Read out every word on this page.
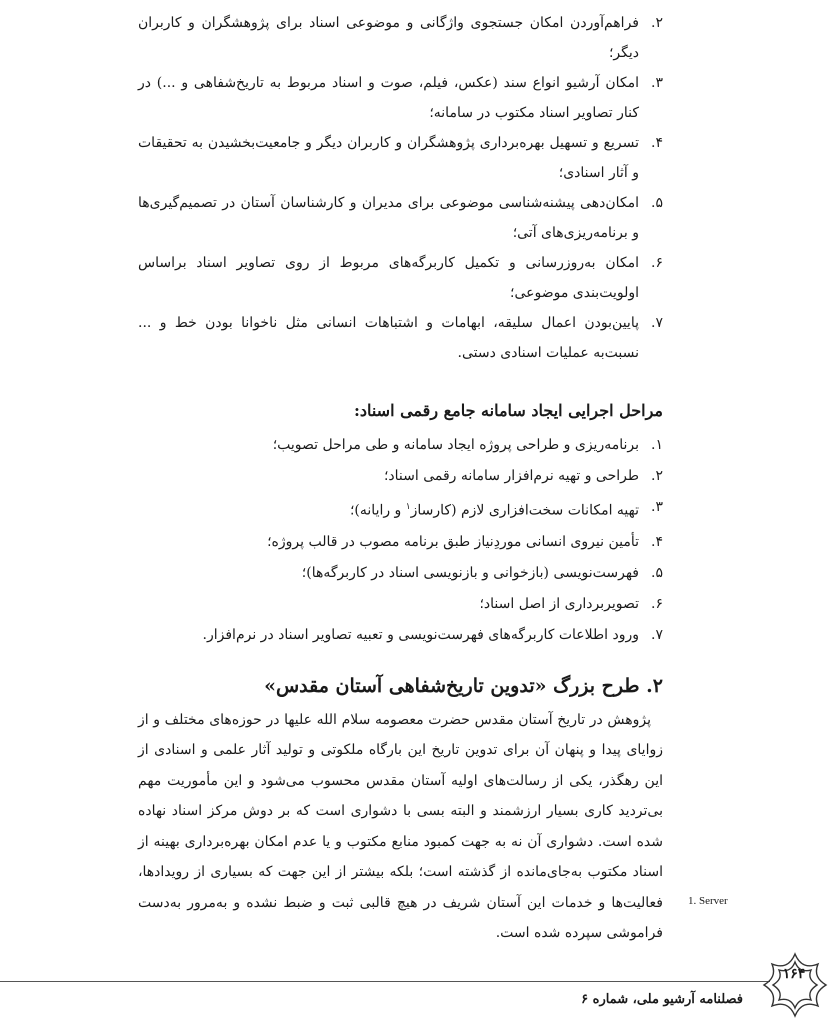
۲.
فراهم‌آوردن امکان جستجوی واژگانی و موضوعی اسناد برای پژوهشگران و کاربران دیگر؛
۳.
امکان آرشیو انواع سند (عکس، فیلم، صوت و اسناد مربوط به تاریخ‌شفاهی و ...) در کنار تصاویر اسناد مکتوب در سامانه؛
۴.
تسریع و تسهیل بهره‌برداری پژوهشگران و کاربران دیگر و جامعیت‌بخشیدن به تحقیقات و آثار اسنادی؛
۵.
امکان‌دهی پیشنه‌شناسی موضوعی برای مدیران و کارشناسان آستان در تصمیم‌گیری‌ها و برنامه‌ریزی‌های آتی؛
۶.
امکان به‌روزرسانی و تکمیل کاربرگه‌های مربوط از روی تصاویر اسناد براساس اولویت‌بندی موضوعی؛
۷.
پایین‌بودن اعمال سلیقه، ابهامات و اشتباهات انسانی مثل ناخوانا بودن خط و ... نسبت‌به عملیات اسنادی دستی.
مراحل اجرایی ایجاد سامانه جامع رقمی اسناد:
۱.
برنامه‌ریزی و طراحی پروژه ایجاد سامانه و طی مراحل تصویب؛
۲.
طراحی و تهیه نرم‌افزار سامانه رقمی اسناد؛
۳.
تهیه امکانات سخت‌افزاری لازم (کارساز$^۱$ و رایانه)؛
۴.
تأمین نیروی انسانی موردِنیاز طبق برنامه مصوب در قالب پروژه؛
۵.
فهرست‌نویسی (بازخوانی و بازنویسی اسناد در کاربرگه‌ها)؛
۶.
تصویربرداری از اصل اسناد؛
۷.
ورود اطلاعات کاربرگه‌های فهرست‌نویسی و تعبیه تصاویر اسناد در نرم‌افزار.
۲. طرح بزرگ «تدوین تاریخ‌شفاهی آستان مقدس»

پژوهش در تاریخ آستان مقدس حضرت معصومه سلام الله علیها در حوزه‌های مختلف و از زوایای پیدا و پنهان آن برای تدوین تاریخ این بارگاه ملکوتی و تولید آثار علمی و اسنادی از این رهگذر، یکی از رسالت‌های اولیه آستان مقدس محسوب می‌شود و این مأموریت مهم بی‌تردید کاری بسیار ارزشمند و البته بسی با دشواری است که بر دوش مرکز اسناد نهاده شده است. دشواری آن نه به جهت کمبود منابع مکتوب و یا عدم امکان بهره‌برداری بهینه از اسناد مکتوب به‌جای‌مانده از گذشته است؛ بلکه بیشتر از این جهت که بسیاری از رویدادها، فعالیت‌ها و خدمات این آستان شریف در هیچ قالبی ثبت و ضبط نشده و به‌مرور به‌دست فراموشی سپرده شده است.

1. Server
۱۶۴
فصلنامه آرشیو ملی، شماره ۶
